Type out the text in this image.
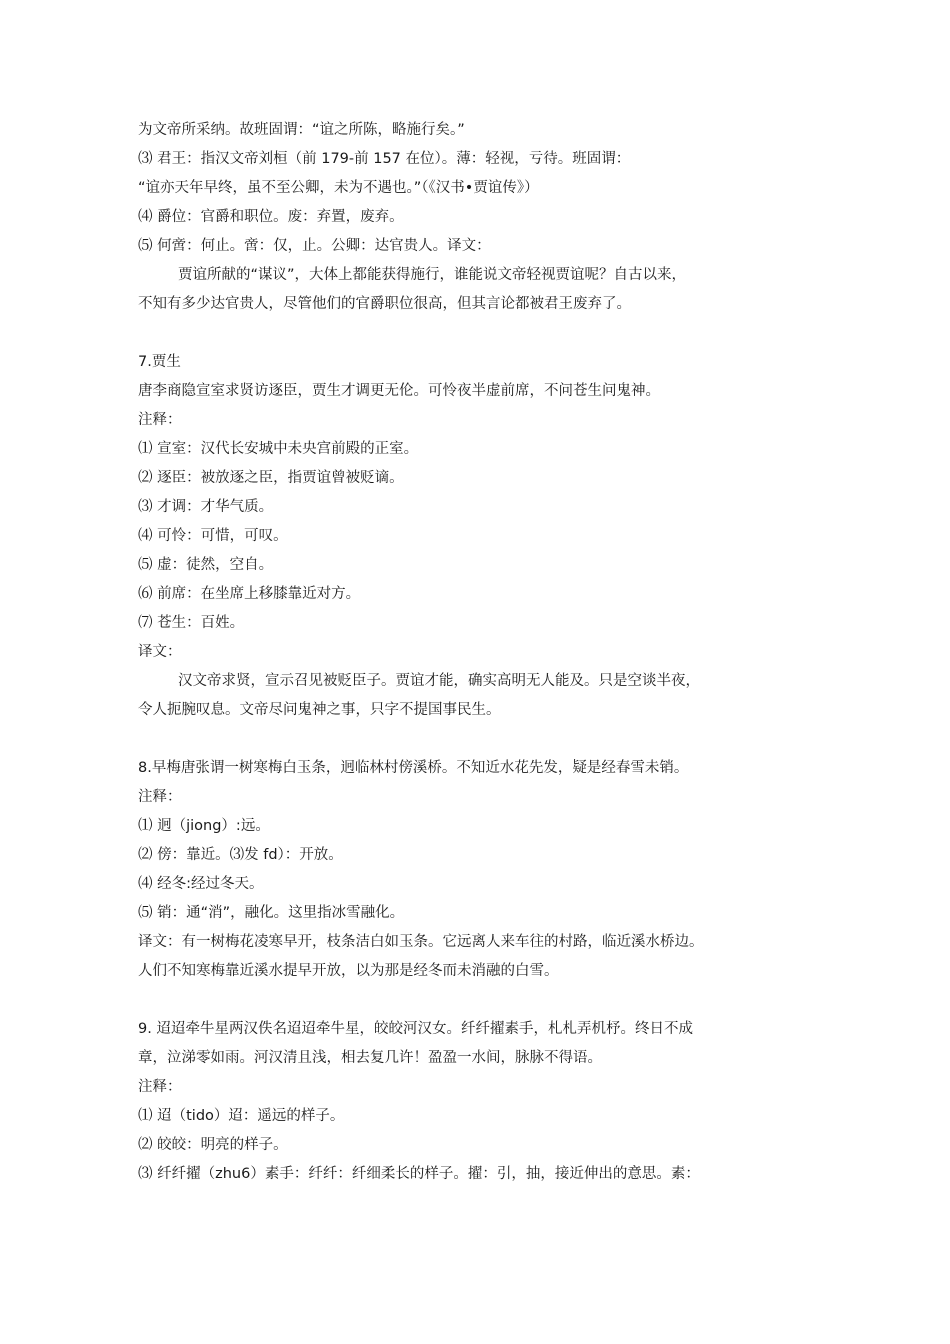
为文帝所采纳。故班固谓：“谊之所陈，略施行矣。”
⑶ 君王：指汉文帝刘桓（前 179-前 157 在位）。薄：轻视，亏待。班固谓：
“谊亦天年早终，虽不至公卿，未为不遇也。”（《汉书•贾谊传》）
⑷ 爵位：官爵和职位。废：弃置，废弃。
⑸ 何啻：何止。啻：仅，止。公卿：达官贵人。译文：
贾谊所献的“谋议”，大体上都能获得施行，谁能说文帝轻视贾谊呢？自古以来，
不知有多少达官贵人，尽管他们的官爵职位很高，但其言论都被君王废弃了。
7.贾生
唐李商隐宣室求贤访逐臣，贾生才调更无伦。可怜夜半虚前席，不问苍生问鬼神。
注释：
⑴ 宣室：汉代长安城中未央宫前殿的正室。
⑵ 逐臣：被放逐之臣，指贾谊曾被贬谪。
⑶ 才调：才华气质。
⑷ 可怜：可惜，可叹。
⑸ 虚：徒然，空自。
⑹ 前席：在坐席上移膝靠近对方。
⑺ 苍生：百姓。
译文：
汉文帝求贤，宣示召见被贬臣子。贾谊才能，确实高明无人能及。只是空谈半夜，
令人扼腕叹息。文帝尽问鬼神之事，只字不提国事民生。
8.早梅唐张谓一树寒梅白玉条，迥临林村傍溪桥。不知近水花先发，疑是经春雪未销。
注释：
⑴ 迥（jiong）:远。
⑵ 傍：靠近。⑶发 fd）：开放。
⑷ 经冬:经过冬天。
⑸ 销：通“消”，融化。这里指冰雪融化。
译文：有一树梅花凌寒早开，枝条洁白如玉条。它远离人来车往的村路，临近溪水桥边。
人们不知寒梅靠近溪水提早开放，以为那是经冬而未消融的白雪。
9. 迢迢牵牛星两汉佚名迢迢牵牛星，皎皎河汉女。纤纤擢素手，札札弄机杼。终日不成
章，泣涕零如雨。河汉清且浅，相去复几许！盈盈一水间，脉脉不得语。
注释：
⑴ 迢（tido）迢：遥远的样子。
⑵ 皎皎：明亮的样子。
⑶ 纤纤擢（zhu6）素手：纤纤：纤细柔长的样子。擢：引，抽，接近伸出的意思。素：
